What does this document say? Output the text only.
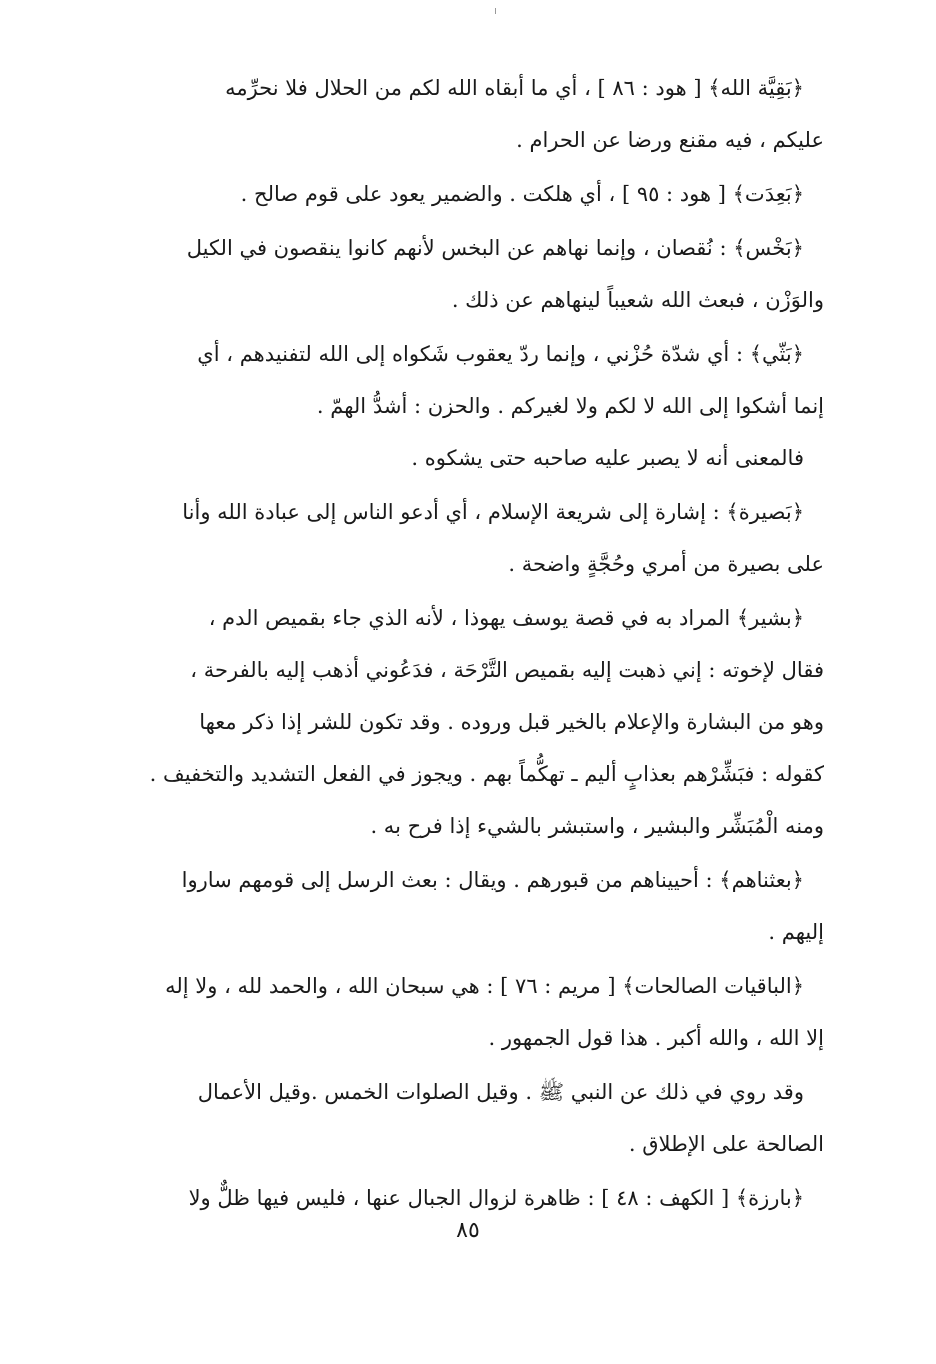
﴿بَقِيَّة الله﴾ [ هود : ٨٦ ] ، أي ما أبقاه الله لكم من الحلال فلا نحرِّمه
عليكم ، فيه مقنع ورضا عن الحرام .
﴿بَعِدَت﴾ [ هود : ٩٥ ] ، أي هلكت . والضمير يعود على قوم صالح .
﴿بَخْس﴾ : نُقصان ، وإنما نهاهم عن البخس لأنهم كانوا ينقصون في الكيل
والوَزْن ، فبعث الله شعيباً لينهاهم عن ذلك .
﴿بَثّي﴾ : أي شدّة حُزْني ، وإنما ردّ يعقوب شَكواه إلى الله لتفنيدهم ، أي
إنما أشكوا إلى الله لا لكم ولا لغيركم . والحزن : أشدُّ الهمّ .
فالمعنى أنه لا يصبر عليه صاحبه حتى يشكوه .
﴿بَصيرة﴾ : إشارة إلى شريعة الإسلام ، أي أدعو الناس إلى عبادة الله وأنا
على بصيرة من أمري وحُجَّةٍ واضحة .
﴿بشير﴾ المراد به في قصة يوسف يهوذا ، لأنه الذي جاء بقميص الدم ،
فقال لإخوته : إني ذهبت إليه بقميص التَّرْحَة ، فدَعُوني أذهب إليه بالفرحة ،
وهو من البشارة والإعلام بالخير قبل وروده . وقد تكون للشر إذا ذكر معها
كقوله : فبَشِّرْهم بعذابٍ أليم ـ تهكُّماً بهم . ويجوز في الفعل التشديد والتخفيف .
ومنه الْمُبَشِّر والبشير ، واستبشر بالشيء إذا فرح به .
﴿بعثناهم﴾ : أحييناهم من قبورهم . ويقال : بعث الرسل إلى قومهم ساروا
إليهم .
﴿الباقيات الصالحات﴾ [ مريم : ٧٦ ] : هي سبحان الله ، والحمد لله ، ولا إله
إلا الله ، والله أكبر . هذا قول الجمهور .
وقد روي في ذلك عن النبي ﷺ . وقيل الصلوات الخمس .وقيل الأعمال
الصالحة على الإطلاق .
﴿بارزة﴾ [ الكهف : ٤٨ ] : ظاهرة لزوال الجبال عنها ، فليس فيها ظلٌّ ولا
٨٥
